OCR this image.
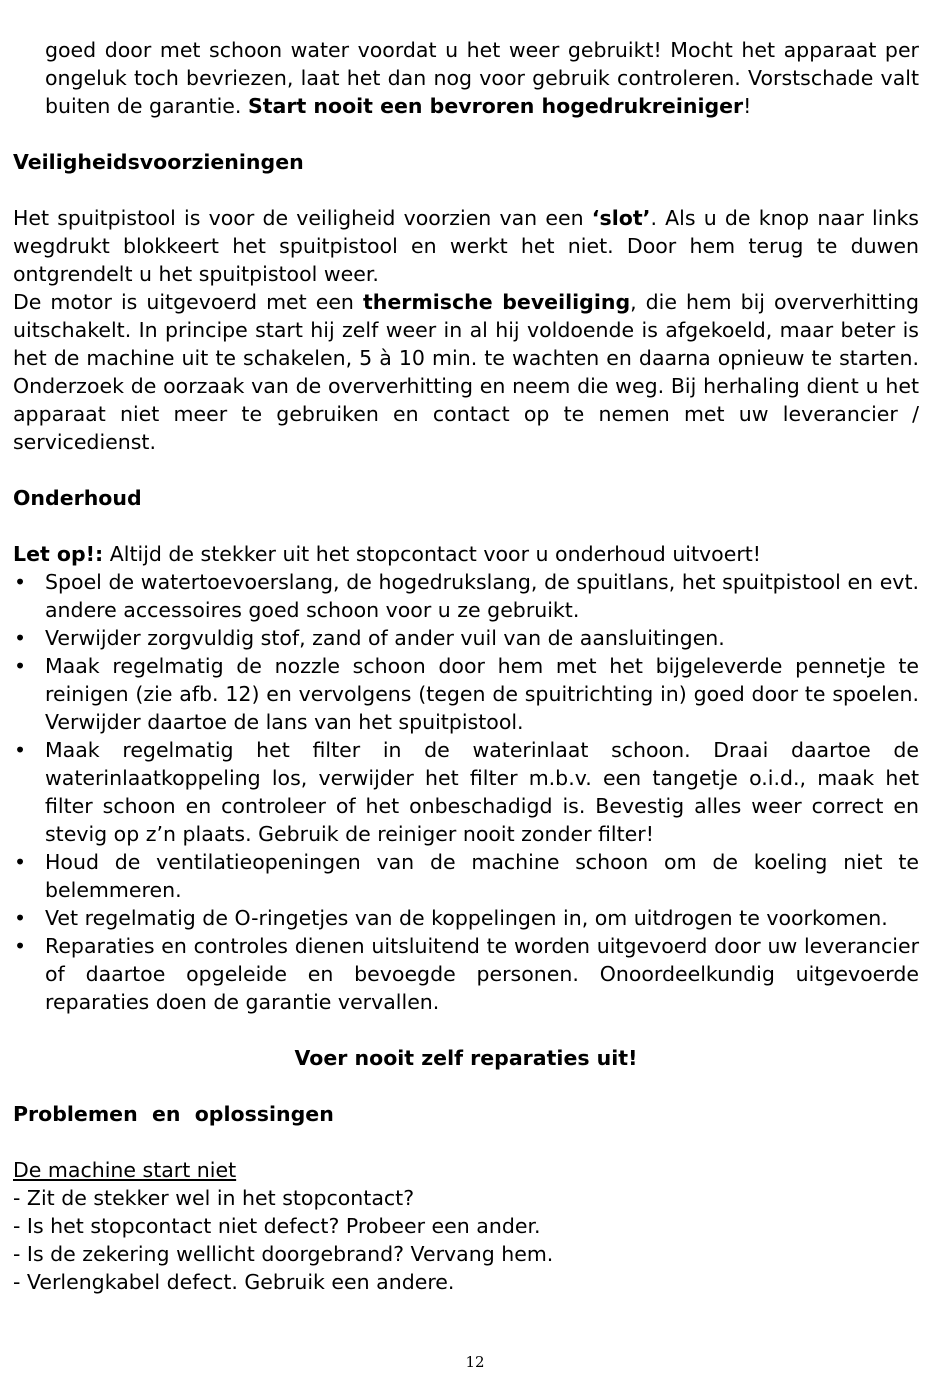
goed door met schoon water voordat u het weer gebruikt! Mocht het apparaat per ongeluk toch bevriezen, laat het dan nog voor gebruik controleren. Vorstschade valt buiten de garantie. Start nooit een bevroren hogedrukreiniger!

Veiligheidsvoorzieningen

Het spuitpistool is voor de veiligheid voorzien van een ‘slot’. Als u de knop naar links wegdrukt blokkeert het spuitpistool en werkt het niet. Door hem terug te duwen ontgrendelt u het spuitpistool weer.

De motor is uitgevoerd met een thermische beveiliging, die hem bij oververhitting uitschakelt. In principe start hij zelf weer in al hij voldoende is afgekoeld, maar beter is het de machine uit te schakelen, 5 à 10 min. te wachten en daarna opnieuw te starten. Onderzoek de oorzaak van de oververhitting en neem die weg. Bij herhaling dient u het apparaat niet meer te gebruiken en contact op te nemen met uw leverancier / servicedienst.

Onderhoud

Let op!: Altijd de stekker uit het stopcontact voor u onderhoud uitvoert!

• Spoel de watertoevoerslang, de hogedrukslang, de spuitlans, het spuitpistool en evt. andere accessoires goed schoon voor u ze gebruikt.
• Verwijder zorgvuldig stof, zand of ander vuil van de aansluitingen.
• Maak regelmatig de nozzle schoon door hem met het bijgeleverde pennetje te reinigen (zie afb. 12) en vervolgens (tegen de spuitrichting in) goed door te spoelen. Verwijder daartoe de lans van het spuitpistool.
• Maak regelmatig het filter in de waterinlaat schoon. Draai daartoe de waterinlaatkoppeling los, verwijder het filter m.b.v. een tangetje o.i.d., maak het filter schoon en controleer of het onbeschadigd is. Bevestig alles weer correct en stevig op z’n plaats. Gebruik de reiniger nooit zonder filter!
• Houd de ventilatieopeningen van de machine schoon om de koeling niet te belemmeren.
• Vet regelmatig de O-ringetjes van de koppelingen in, om uitdrogen te voorkomen.
• Reparaties en controles dienen uitsluitend te worden uitgevoerd door uw leverancier of daartoe opgeleide en bevoegde personen. Onoordeelkundig uitgevoerde reparaties doen de garantie vervallen.

Voer nooit zelf reparaties uit!

Problemen  en  oplossingen

De machine start niet

- Zit de stekker wel in het stopcontact?

- Is het stopcontact niet defect? Probeer een ander.

- Is de zekering wellicht doorgebrand? Vervang hem.

- Verlengkabel defect. Gebruik een andere.

12
